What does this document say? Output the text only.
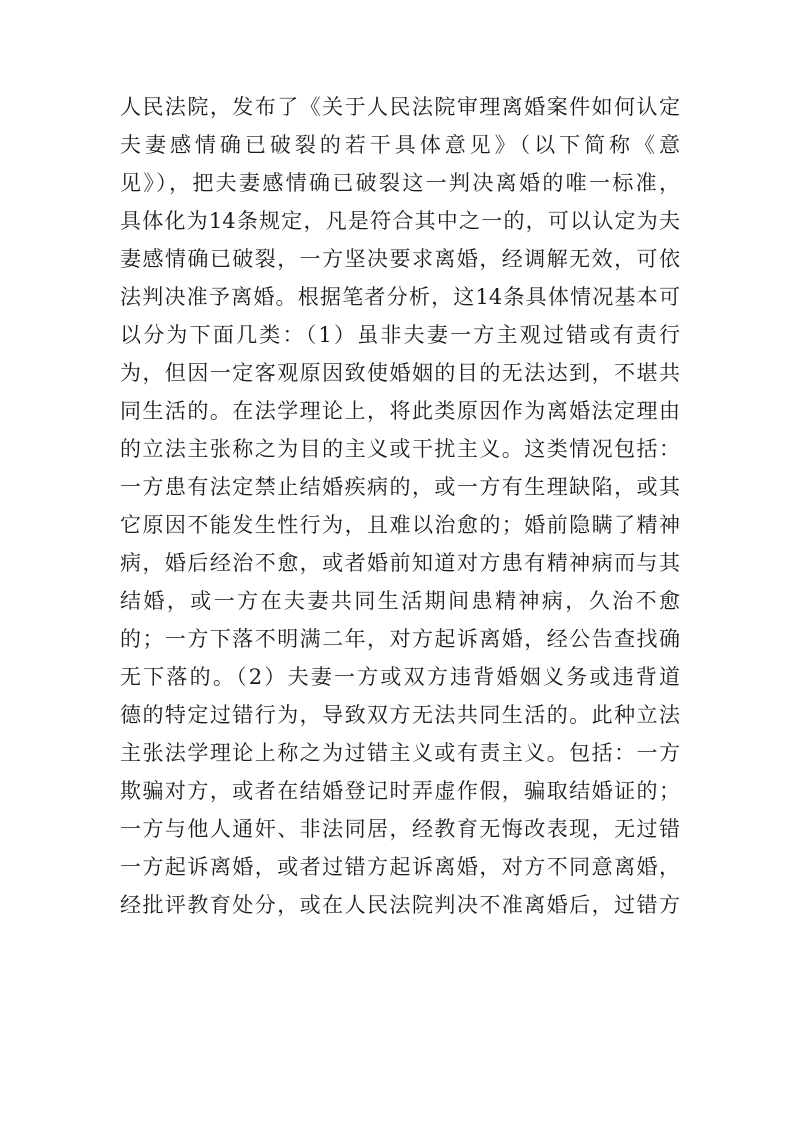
人民法院，发布了《关于人民法院审理离婚案件如何认定
夫妻感情确已破裂的若干具体意见》（以下简称《意
见》），把夫妻感情确已破裂这一判决离婚的唯一标准，
具体化为14条规定，凡是符合其中之一的，可以认定为夫
妻感情确已破裂，一方坚决要求离婚，经调解无效，可依
法判决准予离婚。根据笔者分析，这14条具体情况基本可
以分为下面几类：（1）虽非夫妻一方主观过错或有责行
为，但因一定客观原因致使婚姻的目的无法达到，不堪共
同生活的。在法学理论上，将此类原因作为离婚法定理由
的立法主张称之为目的主义或干扰主义。这类情况包括：
一方患有法定禁止结婚疾病的，或一方有生理缺陷，或其
它原因不能发生性行为，且难以治愈的；婚前隐瞒了精神
病，婚后经治不愈，或者婚前知道对方患有精神病而与其
结婚，或一方在夫妻共同生活期间患精神病，久治不愈
的；一方下落不明满二年，对方起诉离婚，经公告查找确
无下落的。（2）夫妻一方或双方违背婚姻义务或违背道
德的特定过错行为，导致双方无法共同生活的。此种立法
主张法学理论上称之为过错主义或有责主义。包括：一方
欺骗对方，或者在结婚登记时弄虚作假，骗取结婚证的；
一方与他人通奸、非法同居，经教育无悔改表现，无过错
一方起诉离婚，或者过错方起诉离婚，对方不同意离婚，
经批评教育处分，或在人民法院判决不准离婚后，过错方
